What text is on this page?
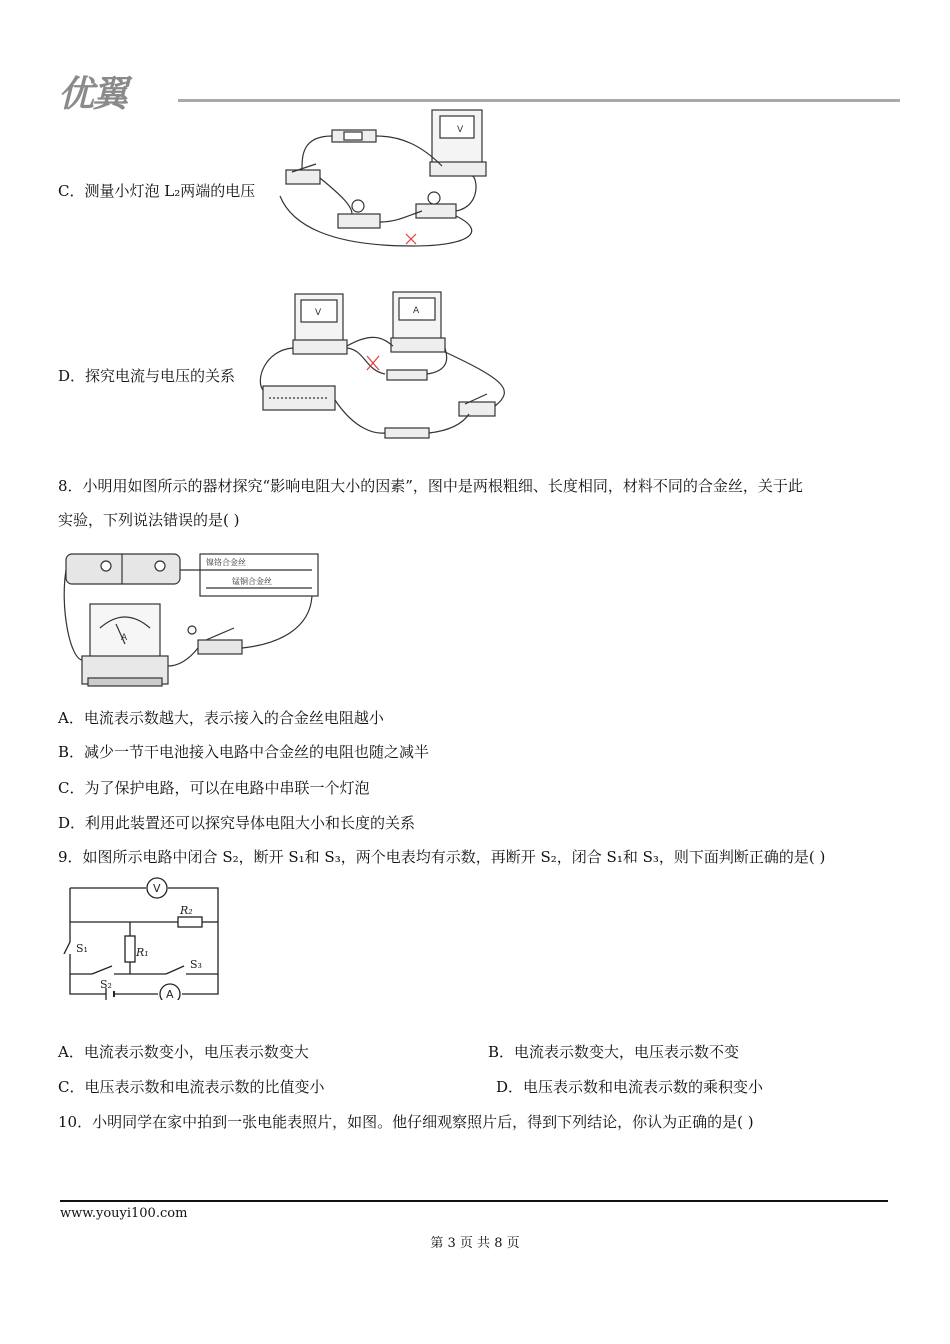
优翼
C．测量小灯泡 L₂两端的电压
V
D．探究电流与电压的关系
V	A
8．小明用如图所示的器材探究“影响电阻大小的因素”，图中是两根粗细、长度相同，材料不同的合金丝，关于此
实验，下列说法错误的是( )
镍铬合金丝
锰铜合金丝
A
A．电流表示数越大，表示接入的合金丝电阻越小
B．减少一节干电池接入电路中合金丝的电阻也随之减半
C．为了保护电路，可以在电路中串联一个灯泡
D．利用此装置还可以探究导体电阻大小和长度的关系
9．如图所示电路中闭合 S₂，断开 S₁和 S₃，两个电表均有示数，再断开 S₂，闭合 S₁和 S₃，则下面判断正确的是( )
V
A
R₂
R₁
S₁
S₂
S₃
A．电流表示数变小，电压表示数变大	B．电流表示数变大，电压表示数不变
C．电压表示数和电流表示数的比值变小	D．电压表示数和电流表示数的乘积变小
10．小明同学在家中拍到一张电能表照片，如图。他仔细观察照片后，得到下列结论，你认为正确的是( )
www.youyi100.com
第 3 页 共 8 页
